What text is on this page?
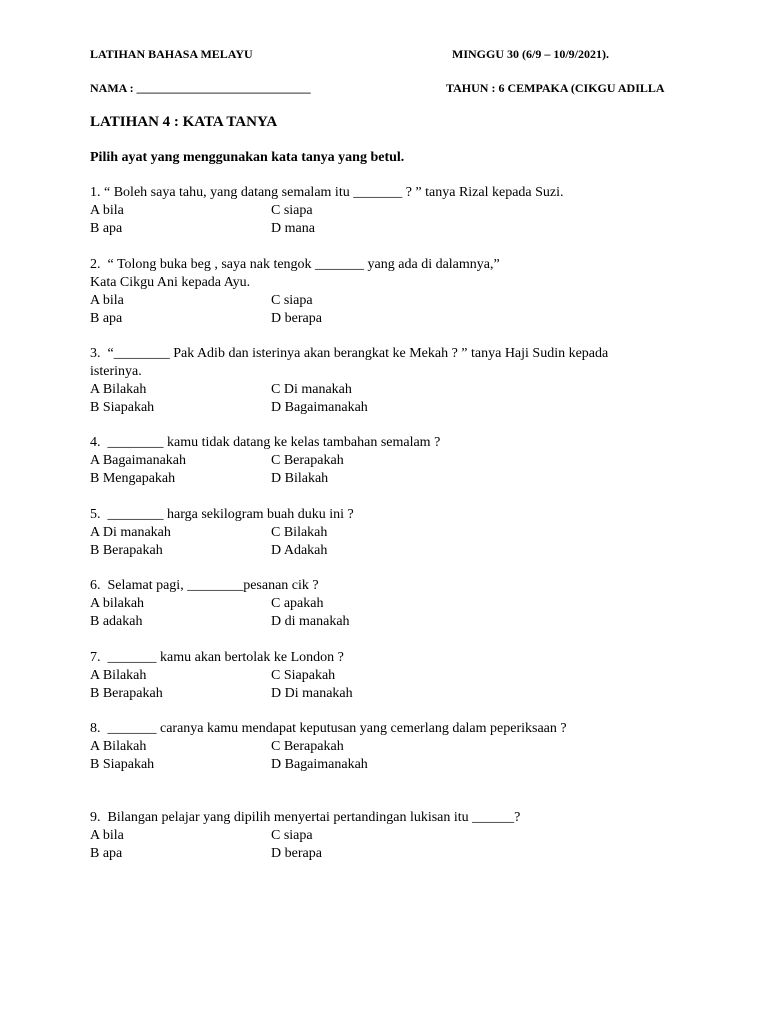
LATIHAN BAHASA MELAYU	MINGGU 30 (6/9 – 10/9/2021).
NAMA : _____________________________	TAHUN : 6 CEMPAKA (CIKGU ADILLA
LATIHAN 4 : KATA TANYA
Pilih ayat yang menggunakan kata tanya yang betul.
1. “ Boleh saya tahu, yang datang semalam itu _______ ? ” tanya Rizal kepada Suzi.
A bila	C siapa
B apa	D mana
2.  “ Tolong buka beg , saya nak tengok _______ yang ada di dalamnya,”
Kata Cikgu Ani kepada Ayu.
A bila	C siapa
B apa	D berapa
3.  “________ Pak Adib dan isterinya akan berangkat ke Mekah ? ” tanya Haji Sudin kepada
isterinya.
A Bilakah	C Di manakah
B Siapakah	D Bagaimanakah
4.  ________ kamu tidak datang ke kelas tambahan semalam ?
A Bagaimanakah	C Berapakah
B Mengapakah	D Bilakah
5.  ________ harga sekilogram buah duku ini ?
A Di manakah	C Bilakah
B Berapakah	D Adakah
6.  Selamat pagi, ________pesanan cik ?
A bilakah	C apakah
B adakah	D di manakah
7.  _______ kamu akan bertolak ke London ?
A Bilakah	C Siapakah
B Berapakah	D Di manakah
8.  _______ caranya kamu mendapat keputusan yang cemerlang dalam peperiksaan ?
A Bilakah	C Berapakah
B Siapakah	D Bagaimanakah
9.  Bilangan pelajar yang dipilih menyertai pertandingan lukisan itu ______?
A bila	C siapa
B apa	D berapa
